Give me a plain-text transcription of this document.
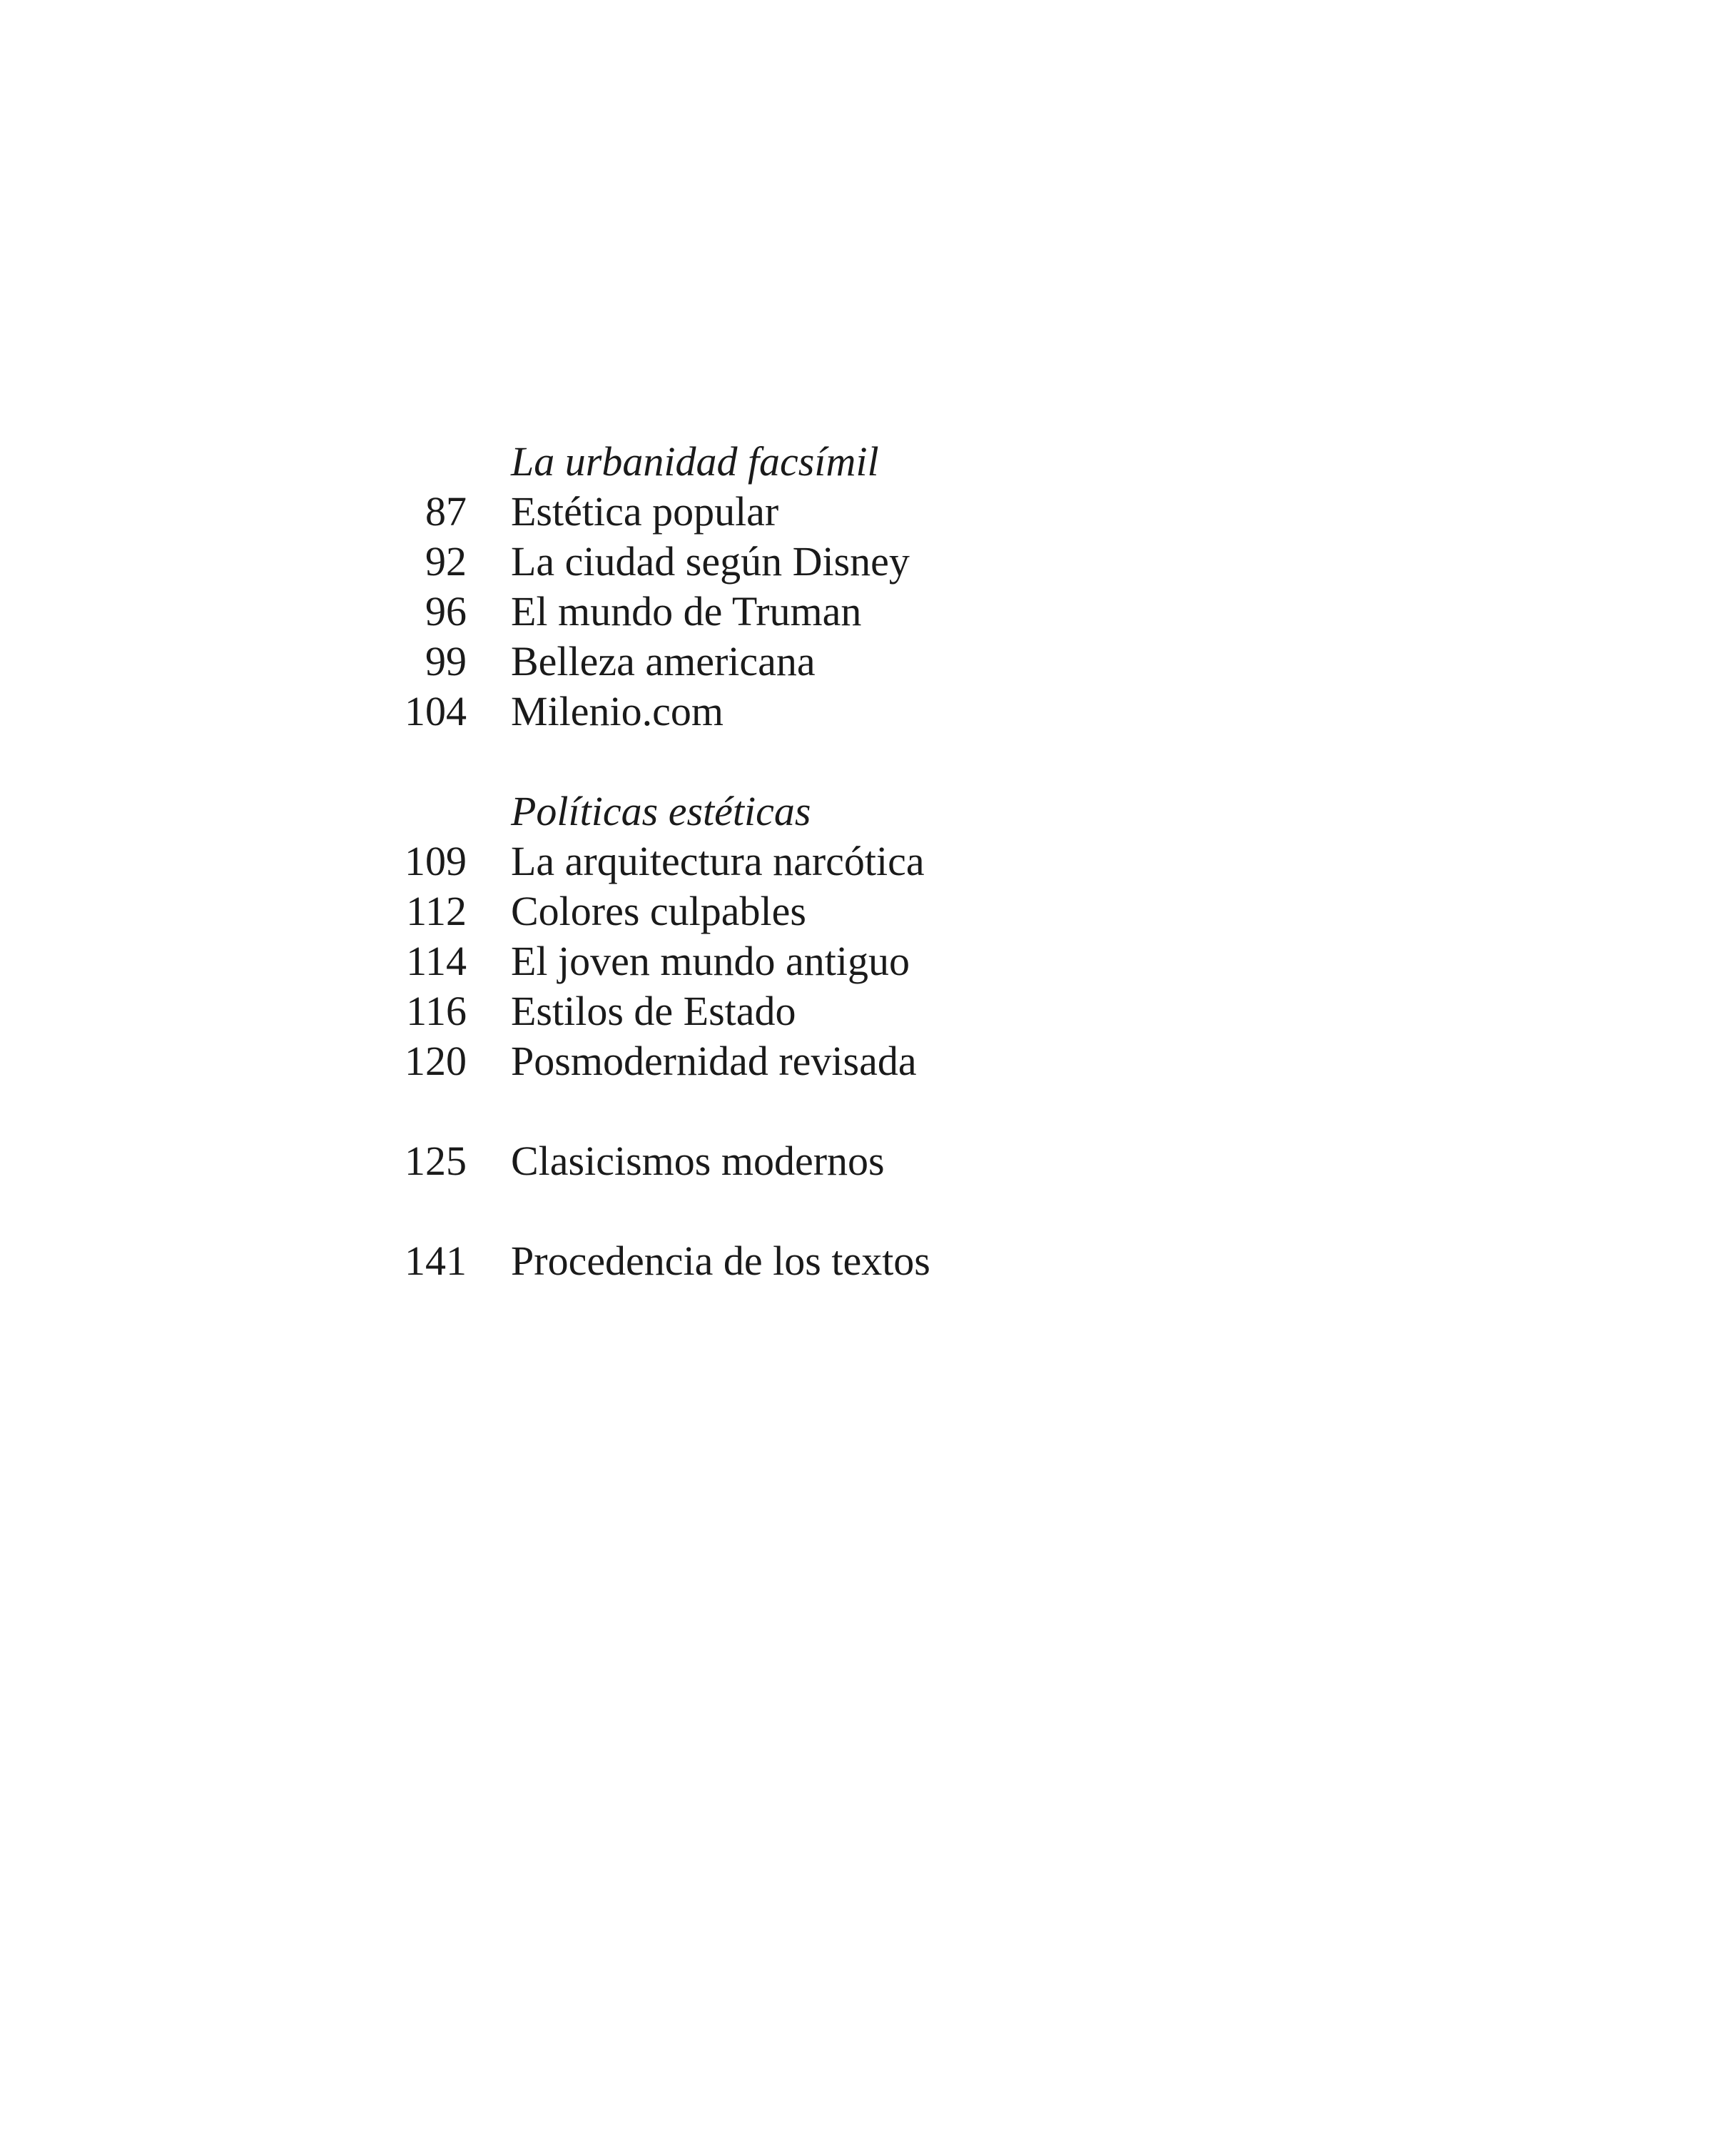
La urbanidad facsímil
87 Estética popular
92 La ciudad según Disney
96 El mundo de Truman
99 Belleza americana
104 Milenio.com
Políticas estéticas
109 La arquitectura narcótica
112 Colores culpables
114 El joven mundo antiguo
116 Estilos de Estado
120 Posmodernidad revisada
125 Clasicismos modernos
141 Procedencia de los textos
